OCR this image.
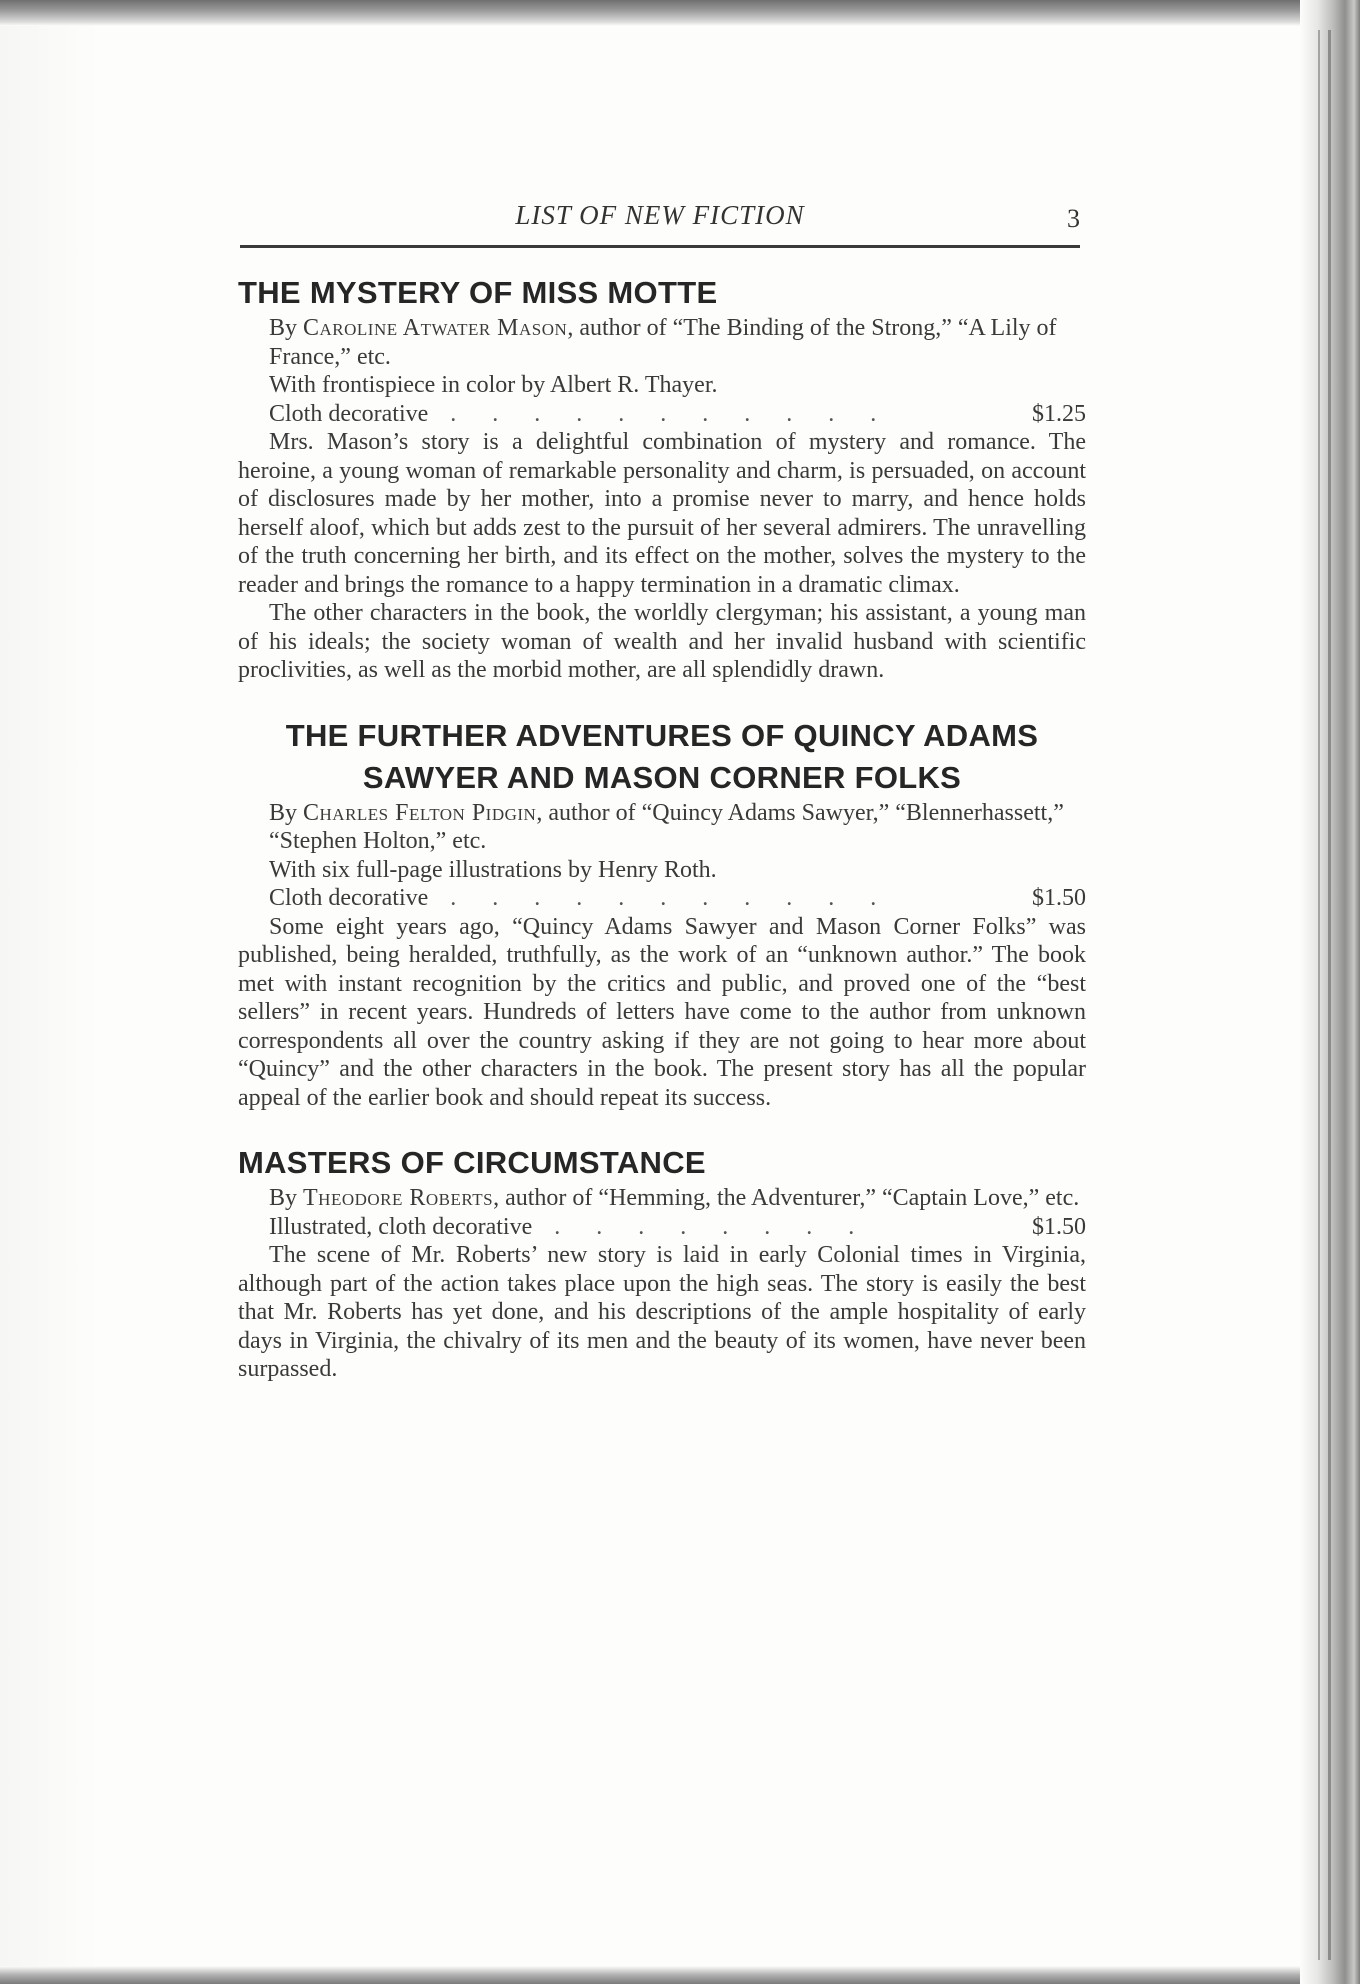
LIST OF NEW FICTION	3
THE MYSTERY OF MISS MOTTE

By Caroline Atwater Mason, author of “The Binding of the Strong,” “A Lily of France,” etc.

With frontispiece in color by Albert R. Thayer.

Cloth decorative . . . . . . . . . . .	$1.25

Mrs. Mason’s story is a delightful combination of mystery and romance. The heroine, a young woman of remarkable personality and charm, is persuaded, on account of disclosures made by her mother, into a promise never to marry, and hence holds herself aloof, which but adds zest to the pursuit of her several admirers. The unravelling of the truth concerning her birth, and its effect on the mother, solves the mystery to the reader and brings the romance to a happy termination in a dramatic climax.

The other characters in the book, the worldly clergyman; his assistant, a young man of his ideals; the society woman of wealth and her invalid husband with scientific proclivities, as well as the morbid mother, are all splendidly drawn.

THE FURTHER ADVENTURES OF QUINCY ADAMS
SAWYER AND MASON CORNER FOLKS

By Charles Felton Pidgin, author of “Quincy Adams Sawyer,” “Blennerhassett,” “Stephen Holton,” etc.

With six full-page illustrations by Henry Roth.

Cloth decorative . . . . . . . . . . .	$1.50

Some eight years ago, “Quincy Adams Sawyer and Mason Corner Folks” was published, being heralded, truthfully, as the work of an “unknown author.” The book met with instant recognition by the critics and public, and proved one of the “best sellers” in recent years. Hundreds of letters have come to the author from unknown correspondents all over the country asking if they are not going to hear more about “Quincy” and the other characters in the book. The present story has all the popular appeal of the earlier book and should repeat its success.

MASTERS OF CIRCUMSTANCE

By Theodore Roberts, author of “Hemming, the Adventurer,” “Captain Love,” etc.

Illustrated, cloth decorative . . . . . . . .	$1.50

The scene of Mr. Roberts’ new story is laid in early Colonial times in Virginia, although part of the action takes place upon the high seas. The story is easily the best that Mr. Roberts has yet done, and his descriptions of the ample hospitality of early days in Virginia, the chivalry of its men and the beauty of its women, have never been surpassed.
